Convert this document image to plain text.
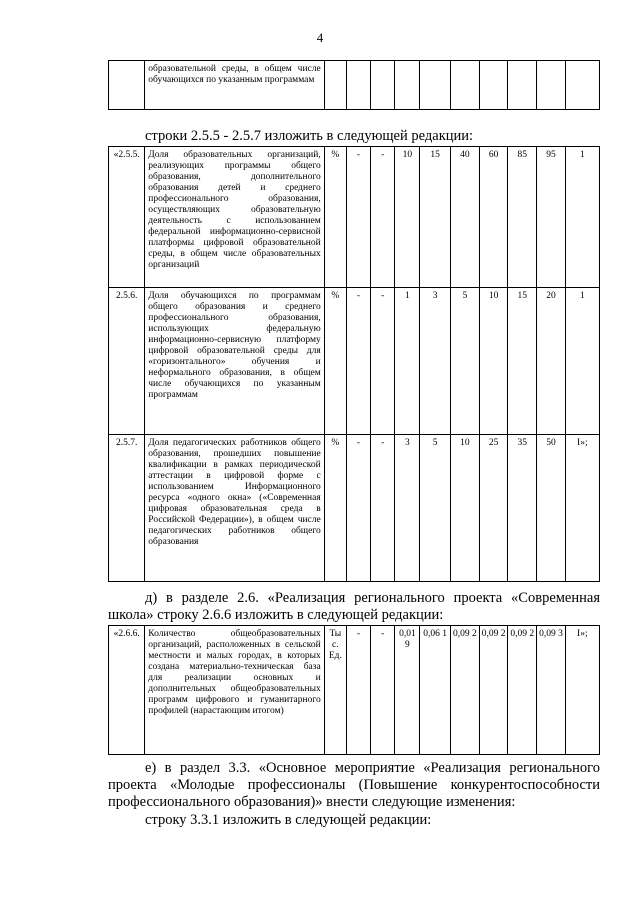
4
	образовательной среды, в общем числе обучающихся по указанным программам										
строки 2.5.5 - 2.5.7 изложить в следующей редакции:
«2.5.5.	Доля образовательных организаций, реализующих программы общего образования, дополнительного образования детей и среднего профессионального образования, осуществляющих образовательную деятельность с использованием федеральной информационно-сервисной платформы цифровой образовательной среды, в общем числе образовательных организаций	%	-	-	10	15	40	60	85	95	1
2.5.6.	Доля обучающихся по программам общего образования и среднего профессионального образования, использующих федеральную информационно-сервисную платформу цифровой образовательной среды для «горизонтального» обучения и неформального образования, в общем числе обучающихся по указанным программам	%	-	-	1	3	5	10	15	20	1
2.5.7.	Доля педагогических работников общего образования, прошедших повышение квалификации в рамках периодической аттестации в цифровой форме с использованием Информационного ресурса «одного окна» («Современная цифровая образовательная среда в Российской Федерации»), в общем числе педагогических работников общего образования	%	-	-	3	5	10	25	35	50	I»;
д) в разделе 2.6. «Реализация регионального проекта «Современная школа» строку 2.6.6 изложить в следующей редакции:
«2.6.6.	Количество общеобразовательных организаций, расположенных в сельской местности и малых городах, в которых создана материально-техническая база для реализации основных и дополнительных общеобразовательных программ цифрового и гуманитарного профилей (нарастающим итогом)	Ты с. Ед.	-	-	0,01 9	0,06 1	0,09 2	0,09 2	0,09 2	0,09 3	I»;
е) в раздел 3.3. «Основное мероприятие «Реализация регионального проекта «Молодые профессионалы (Повышение конкурентоспособности профессионального образования)» внести следующие изменения:
строку 3.3.1 изложить в следующей редакции:
